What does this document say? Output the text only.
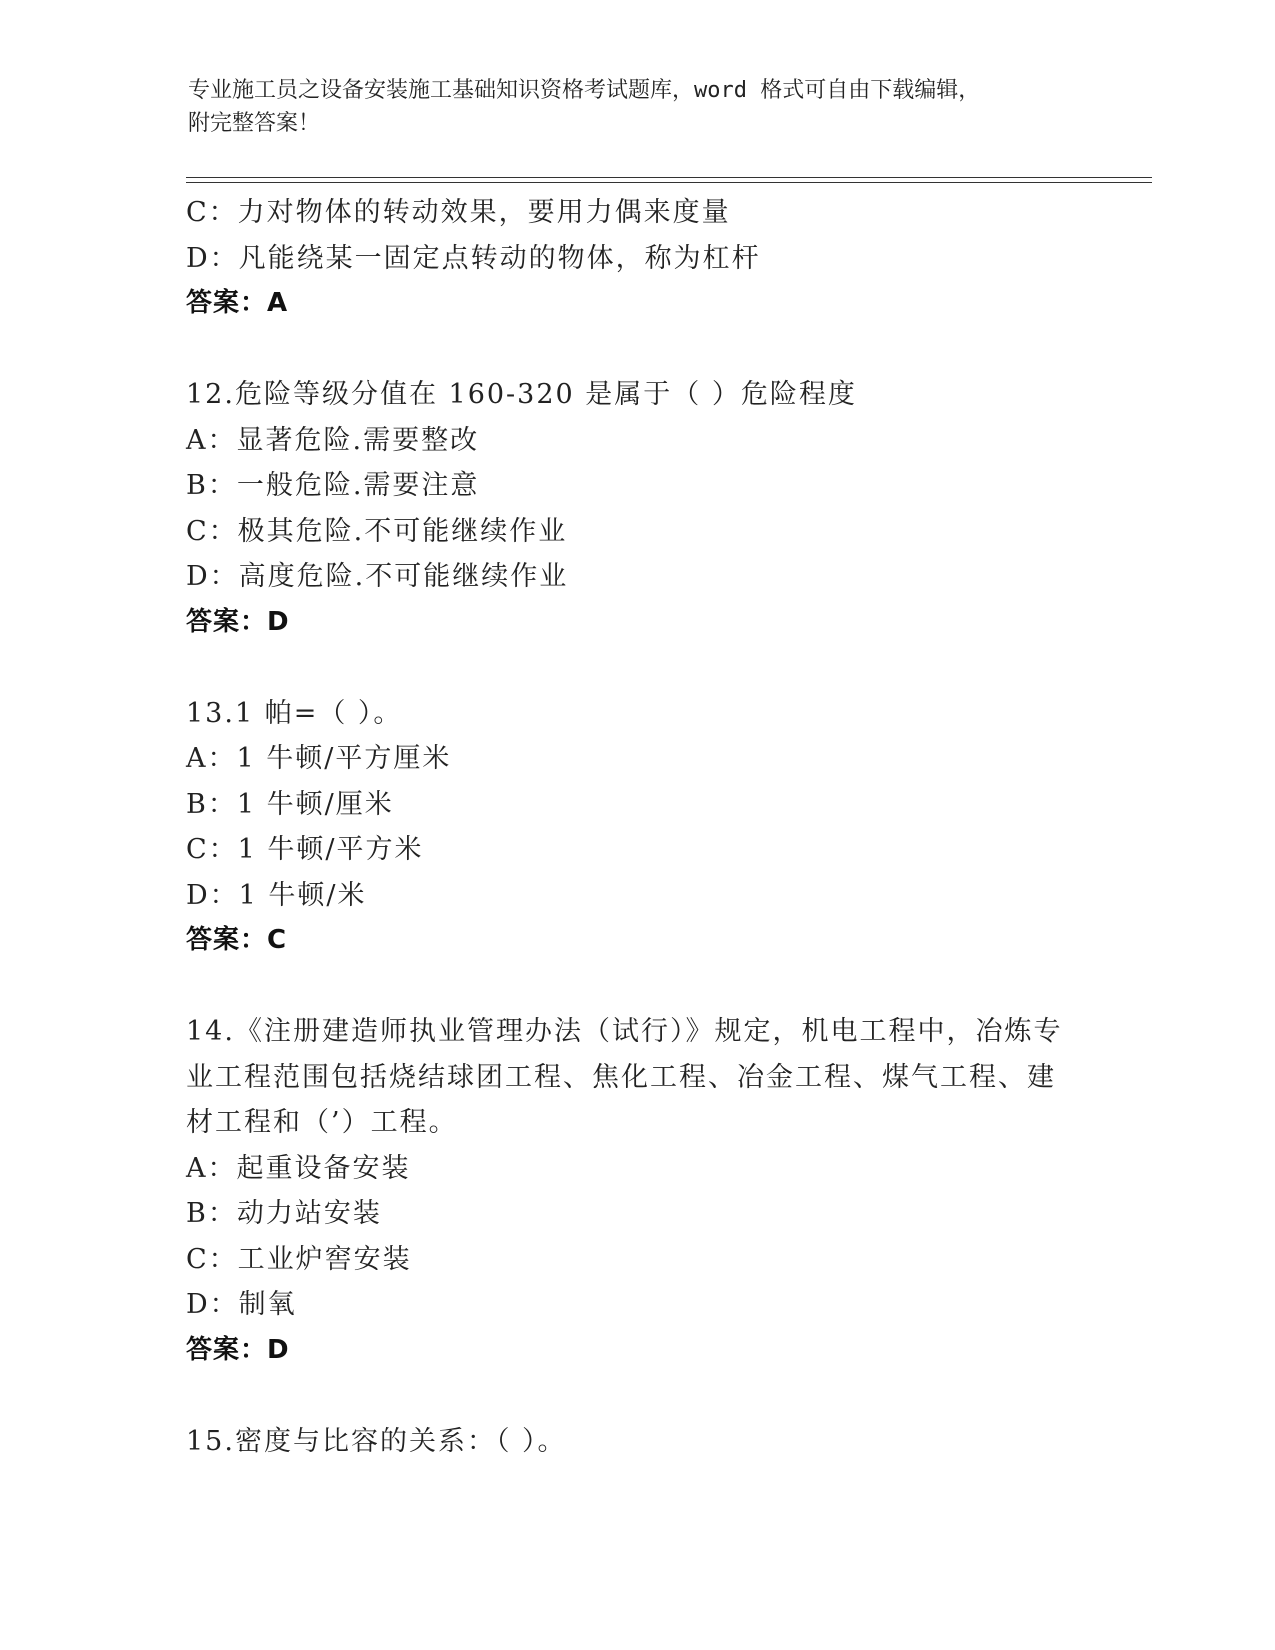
专业施工员之设备安装施工基础知识资格考试题库，word 格式可自由下载编辑，
附完整答案！
C：力对物体的转动效果，要用力偶来度量
D：凡能绕某一固定点转动的物体，称为杠杆
答案：A
12.危险等级分值在 160-320 是属于（ ）危险程度
A：显著危险.需要整改
B：一般危险.需要注意
C：极其危险.不可能继续作业
D：高度危险.不可能继续作业
答案：D
13.1 帕=（ ）。
A：1 牛顿/平方厘米
B：1 牛顿/厘米
C：1 牛顿/平方米
D：1 牛顿/米
答案：C
14.《注册建造师执业管理办法（试行）》规定，机电工程中，冶炼专
业工程范围包括烧结球团工程、焦化工程、冶金工程、煤气工程、建
材工程和（’）工程。
A：起重设备安装
B：动力站安装
C：工业炉窖安装
D：制氧
答案：D
15.密度与比容的关系：（ ）。
